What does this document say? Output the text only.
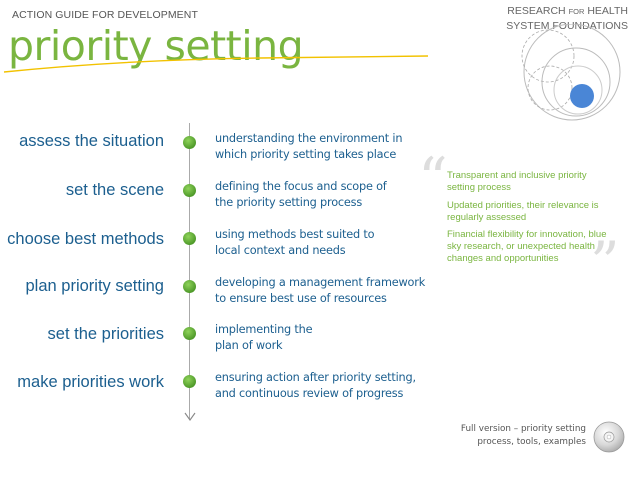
ACTION GUIDE FOR DEVELOPMENT
priority setting
RESEARCH FOR HEALTH
SYSTEM FOUNDATIONS
assess the situation	understanding the environment in
which priority setting takes place
set the scene	defining the focus and scope of
the priority setting process
choose best methods	using methods best suited to
local context and needs
plan priority setting	developing a management framework
to ensure best use of resources
set the priorities	implementing the
plan of work
make priorities work	ensuring action after priority setting,
and continuous review of progress
“
”
Transparent and inclusive priority setting process
Updated priorities, their relevance is regularly assessed
Financial flexibility for innovation, blue sky research, or unexpected health changes and opportunities
Full version – priority setting
process, tools, examples
